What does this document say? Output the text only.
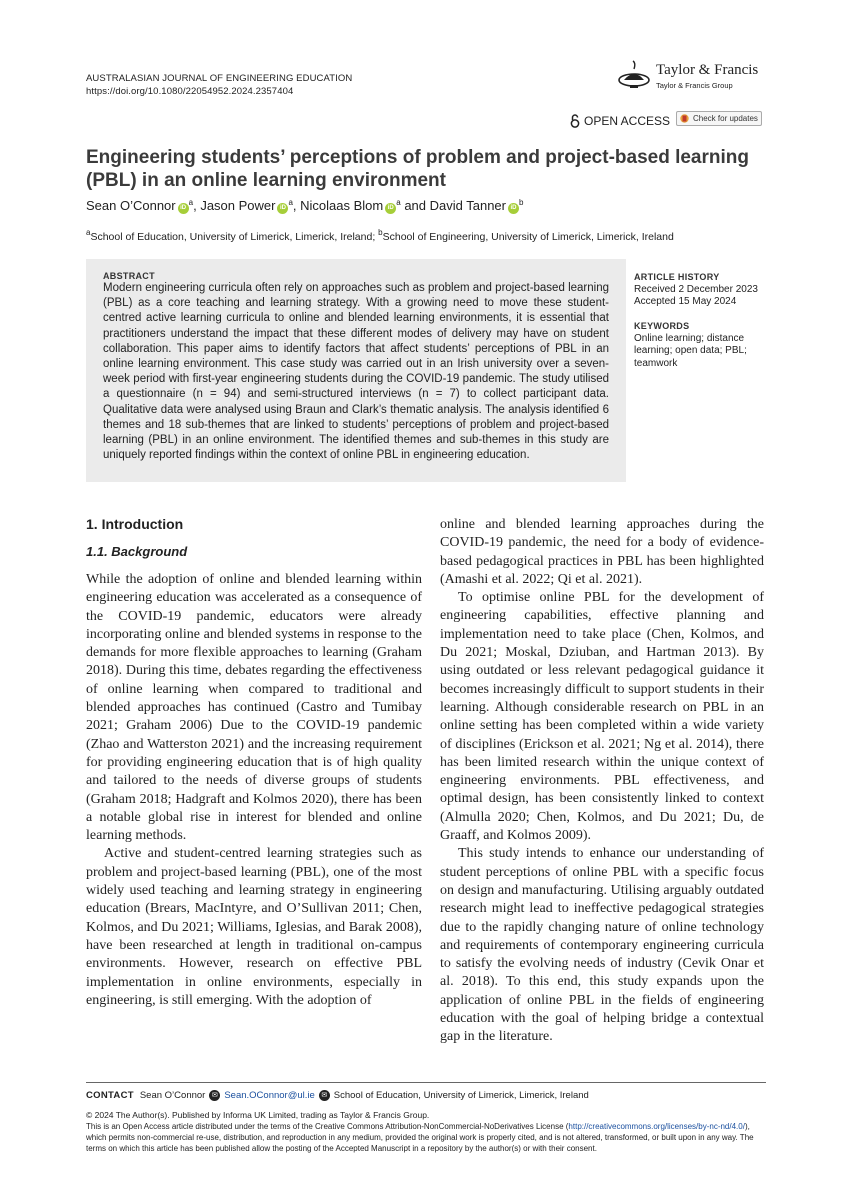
AUSTRALASIAN JOURNAL OF ENGINEERING EDUCATION
https://doi.org/10.1080/22054952.2024.2357404
Taylor & Francis
Taylor & Francis Group
OPEN ACCESS	Check for updates
Engineering students’ perceptions of problem and project-based learning (PBL) in an online learning environment
Sean O’Connor $iD^a$, Jason Power $iD^a$, Nicolaas Blom $iD^a$ and David Tanner $iD^b$
$^a$School of Education, University of Limerick, Limerick, Ireland; $^b$School of Engineering, University of Limerick, Limerick, Ireland
ABSTRACT
Modern engineering curricula often rely on approaches such as problem and project-based learning (PBL) as a core teaching and learning strategy. With a growing need to move these student-centred active learning curricula to online and blended learning environments, it is essential that practitioners understand the impact that these different modes of delivery may have on student collaboration. This paper aims to identify factors that affect students’ perceptions of PBL in an online learning environment. This case study was carried out in an Irish university over a seven-week period with first-year engineering students during the COVID-19 pandemic. The study utilised a questionnaire (n = 94) and semi-structured interviews (n = 7) to collect participant data. Qualitative data were analysed using Braun and Clark’s thematic analysis. The analysis identified 6 themes and 18 sub-themes that are linked to students’ perceptions of problem and project-based learning (PBL) in an online environment. The identified themes and sub-themes in this study are uniquely reported findings within the context of online PBL in engineering education.
ARTICLE HISTORY
Received 2 December 2023
Accepted 15 May 2024
KEYWORDS
Online learning; distance learning; open data; PBL; teamwork
1. Introduction
1.1. Background

While the adoption of online and blended learning within engineering education was accelerated as a consequence of the COVID-19 pandemic, educators were already incorporating online and blended systems in response to the demands for more flexible approaches to learning (Graham 2018). During this time, debates regarding the effectiveness of online learning when compared to traditional and blended approaches has continued (Castro and Tumibay 2021; Graham 2006) Due to the COVID-19 pandemic (Zhao and Watterston 2021) and the increasing requirement for providing engineering education that is of high quality and tailored to the needs of diverse groups of students (Graham 2018; Hadgraft and Kolmos 2020), there has been a notable global rise in interest for blended and online learning methods.

Active and student-centred learning strategies such as problem and project-based learning (PBL), one of the most widely used teaching and learning strategy in engineering education (Brears, MacIntyre, and O’Sullivan 2011; Chen, Kolmos, and Du 2021; Williams, Iglesias, and Barak 2008), have been researched at length in traditional on-campus environments. However, research on effective PBL implementation in online environments, especially in engineering, is still emerging. With the adoption of

online and blended learning approaches during the COVID-19 pandemic, the need for a body of evidence-based pedagogical practices in PBL has been highlighted (Amashi et al. 2022; Qi et al. 2021).

To optimise online PBL for the development of engineering capabilities, effective planning and implementation need to take place (Chen, Kolmos, and Du 2021; Moskal, Dziuban, and Hartman 2013). By using outdated or less relevant pedagogical guidance it becomes increasingly difficult to support students in their learning. Although considerable research on PBL in an online setting has been completed within a wide variety of disciplines (Erickson et al. 2021; Ng et al. 2014), there has been limited research within the unique context of engineering environments. PBL effectiveness, and optimal design, has been consistently linked to context (Almulla 2020; Chen, Kolmos, and Du 2021; Du, de Graaff, and Kolmos 2009).

This study intends to enhance our understanding of student perceptions of online PBL with a specific focus on design and manufacturing. Utilising arguably outdated research might lead to ineffective pedagogical strategies due to the rapidly changing nature of online technology and requirements of contemporary engineering curricula to satisfy the evolving needs of industry (Cevik Onar et al. 2018). To this end, this study expands upon the application of online PBL in the fields of engineering education with the goal of helping bridge a contextual gap in the literature.

CONTACT Sean O’Connor ✉ Sean.OConnor@ul.ie ✉ School of Education, University of Limerick, Limerick, Ireland
© 2024 The Author(s). Published by Informa UK Limited, trading as Taylor & Francis Group.
This is an Open Access article distributed under the terms of the Creative Commons Attribution-NonCommercial-NoDerivatives License (http://creativecommons.org/licenses/by-nc-nd/4.0/), which permits non-commercial re-use, distribution, and reproduction in any medium, provided the original work is properly cited, and is not altered, transformed, or built upon in any way. The terms on which this article has been published allow the posting of the Accepted Manuscript in a repository by the author(s) or with their consent.
